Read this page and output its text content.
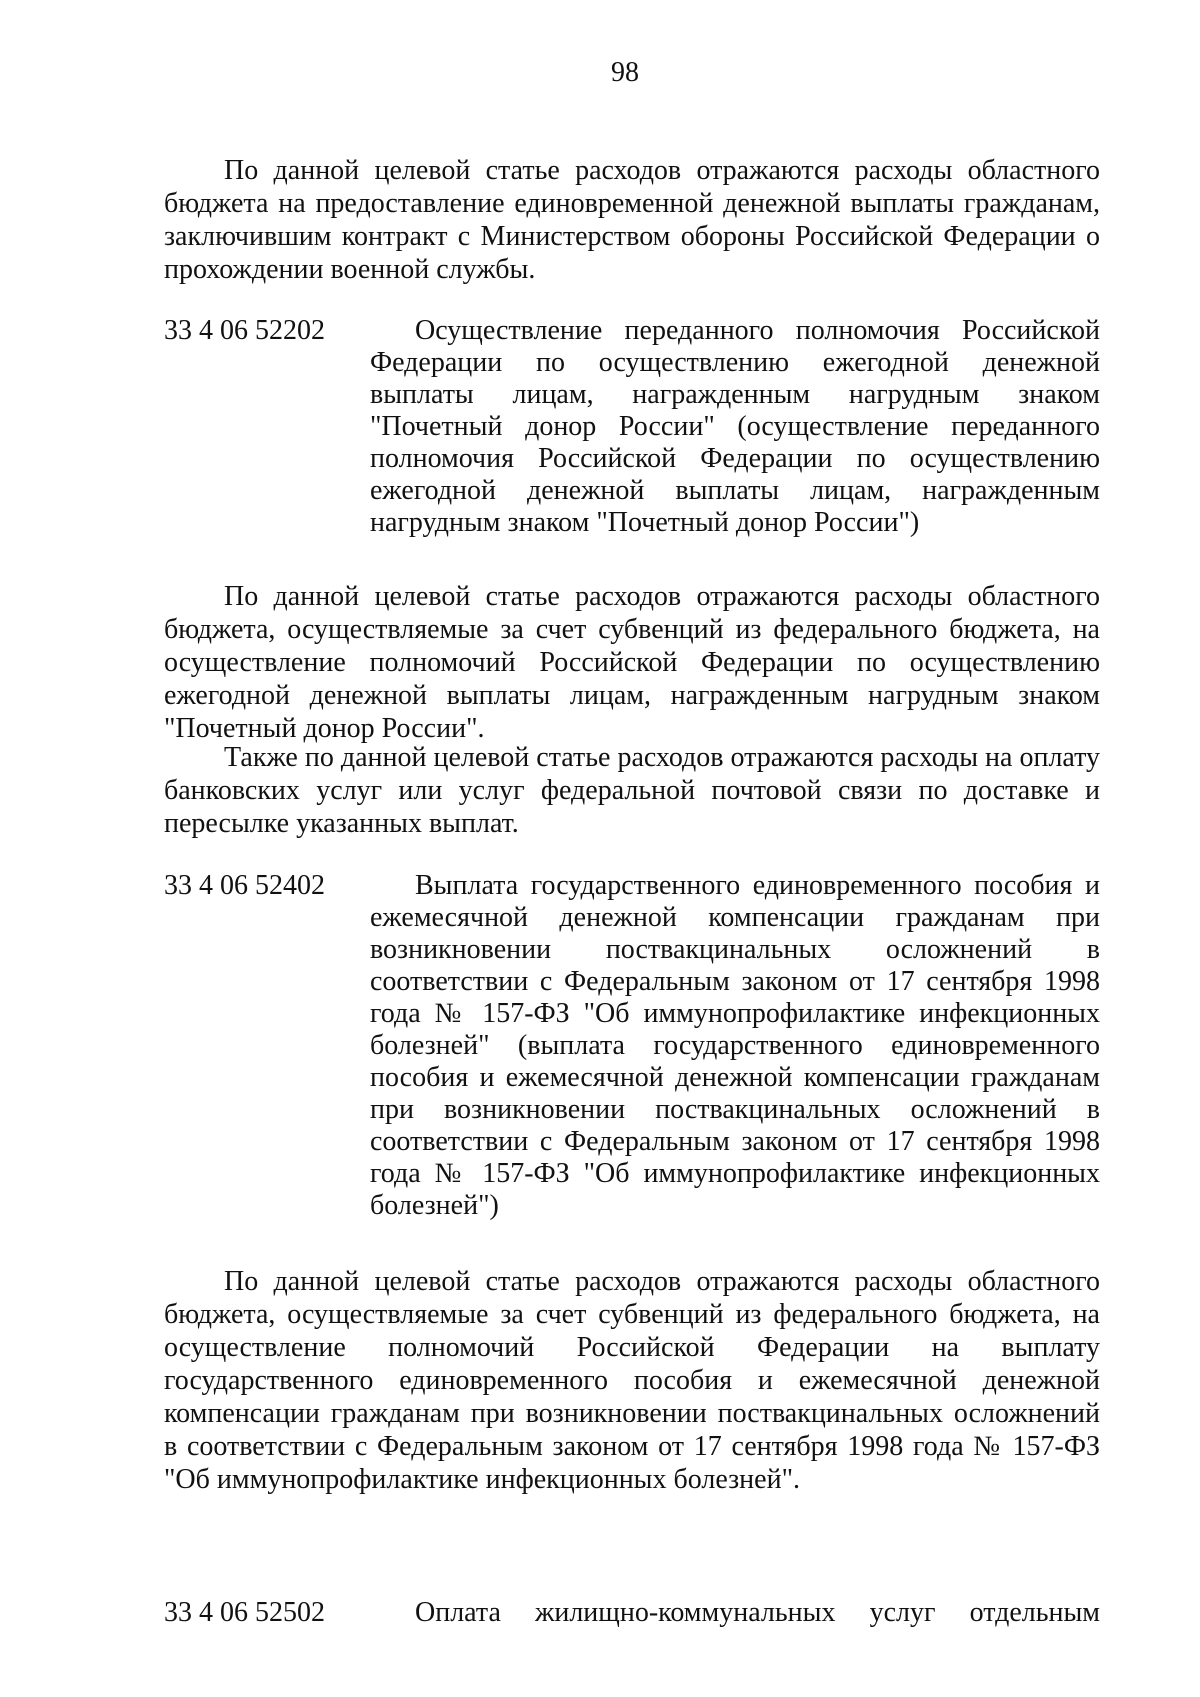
98

По данной целевой статье расходов отражаются расходы областного бюджета на предоставление единовременной денежной выплаты гражданам, заключившим контракт с Министерством обороны Российской Федерации о прохождении военной службы.

33 4 06 52202	Осуществление переданного полномочия Российской Федерации по осуществлению ежегодной денежной выплаты лицам, награжденным нагрудным знаком "Почетный донор России" (осуществление переданного полномочия Российской Федерации по осуществлению ежегодной денежной выплаты лицам, награжденным нагрудным знаком "Почетный донор России")

По данной целевой статье расходов отражаются расходы областного бюджета, осуществляемые за счет субвенций из федерального бюджета, на осуществление полномочий Российской Федерации по осуществлению ежегодной денежной выплаты лицам, награжденным нагрудным знаком "Почетный донор России".

Также по данной целевой статье расходов отражаются расходы на оплату банковских услуг или услуг федеральной почтовой связи по доставке и пересылке указанных выплат.

33 4 06 52402	Выплата государственного единовременного пособия и ежемесячной денежной компенсации гражданам при возникновении поствакцинальных осложнений в соответствии с Федеральным законом от 17 сентября 1998 года № 157-ФЗ "Об иммунопрофилактике инфекционных болезней" (выплата государственного единовременного пособия и ежемесячной денежной компенсации гражданам при возникновении поствакцинальных осложнений в соответствии с Федеральным законом от 17 сентября 1998 года № 157-ФЗ "Об иммунопрофилактике инфекционных болезней")

По данной целевой статье расходов отражаются расходы областного бюджета, осуществляемые за счет субвенций из федерального бюджета, на осуществление полномочий Российской Федерации на выплату государственного единовременного пособия и ежемесячной денежной компенсации гражданам при возникновении поствакцинальных осложнений в соответствии с Федеральным законом от 17 сентября 1998 года № 157-ФЗ "Об иммунопрофилактике инфекционных болезней".

33 4 06 52502	Оплата жилищно-коммунальных услуг отдельным
